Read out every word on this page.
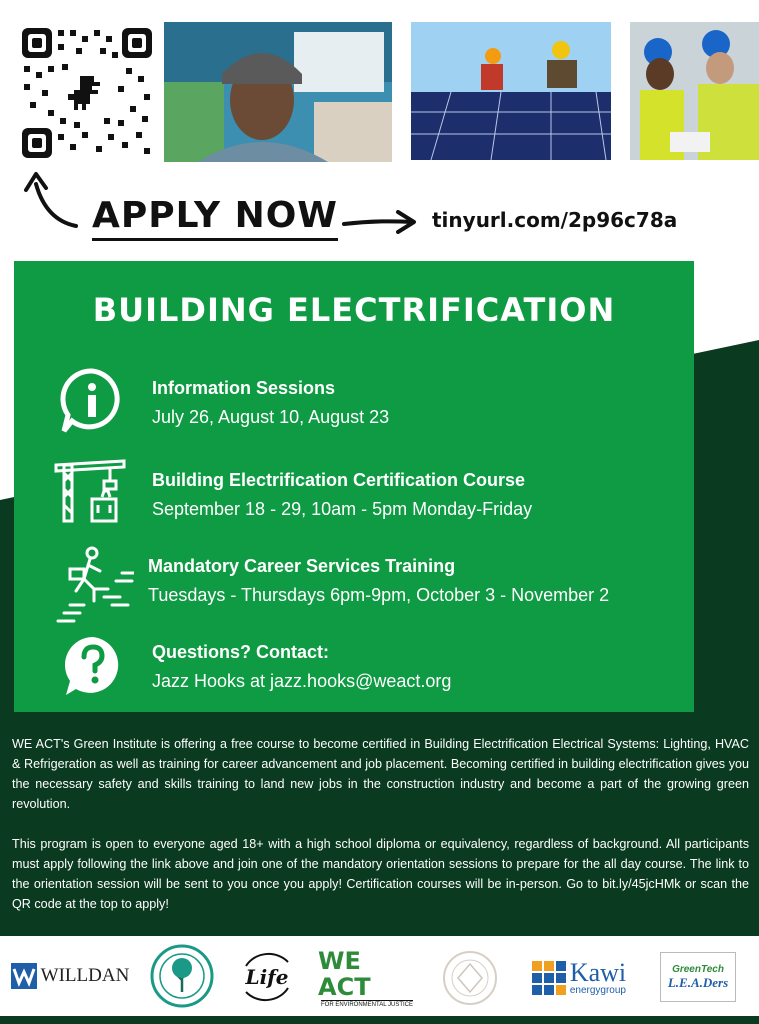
APPLY NOW	tinyurl.com/2p96c78a
BUILDING ELECTRIFICATION
Information Sessions
July 26, August 10, August 23
Building Electrification Certification Course
September 18 - 29, 10am - 5pm Monday-Friday
Mandatory Career Services Training
Tuesdays - Thursdays 6pm-9pm, October 3 - November 2
Questions? Contact:
Jazz Hooks at jazz.hooks@weact.org

WE ACT's Green Institute is offering a free course to become certified in Building Electrification Electrical Systems: Lighting, HVAC & Refrigeration as well as training for career advancement and job placement. Becoming certified in building electrification gives you the necessary safety and skills training to land new jobs in the construction industry and become a part of the growing green revolution.

This program is open to everyone aged 18+ with a high school diploma or equivalency, regardless of background. All participants must apply following the link above and join one of the mandatory orientation sessions to prepare for the all day course. The link to the orientation session will be sent to you once you apply! Certification courses will be in-person. Go to bit.ly/45jcHMk or scan the QR code at the top to apply!

WILLDAN	Life
WE ACT
FOR ENVIRONMENTAL JUSTICE
Kawi
energygroup
GreenTech
L.E.A.Ders
